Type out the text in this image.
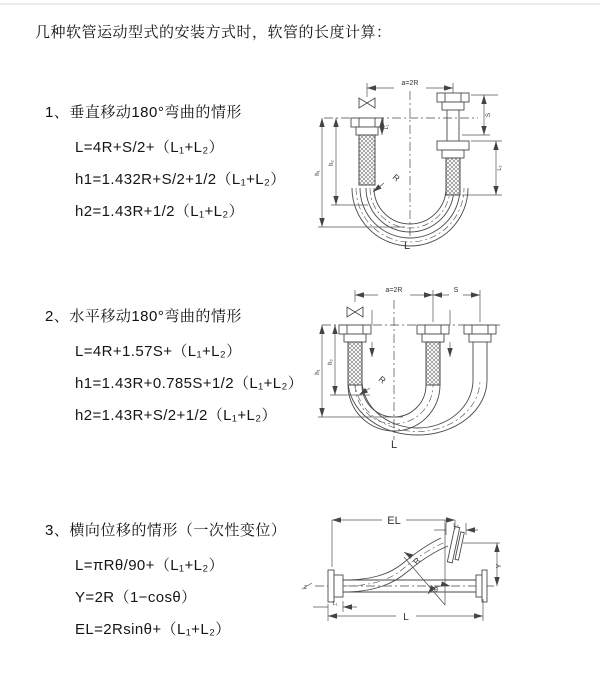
几种软管运动型式的安装方式时，软管的长度计算：
1、垂直移动180°弯曲的情形
L=4R+S/2+（L₁+L₂）
h1=1.432R+S/2+1/2（L₁+L₂）
h2=1.43R+1/2（L₁+L₂）
2、水平移动180°弯曲的情形
L=4R+1.57S+（L₁+L₂）
h1=1.43R+0.785S+1/2（L₁+L₂）
h2=1.43R+S/2+1/2（L₁+L₂）
3、横向位移的情形（一次性变位）
L=πRθ/90+（L₁+L₂）
Y=2R（1−cosθ）
EL=2Rsinθ+（L₁+L₂）
a=2R
h₁
h₂
L₁
S
L₂
R
L
a=2R	S
h₁
h₂
R
L
EL	L₂
Y
L
L₁
R
θ
z
